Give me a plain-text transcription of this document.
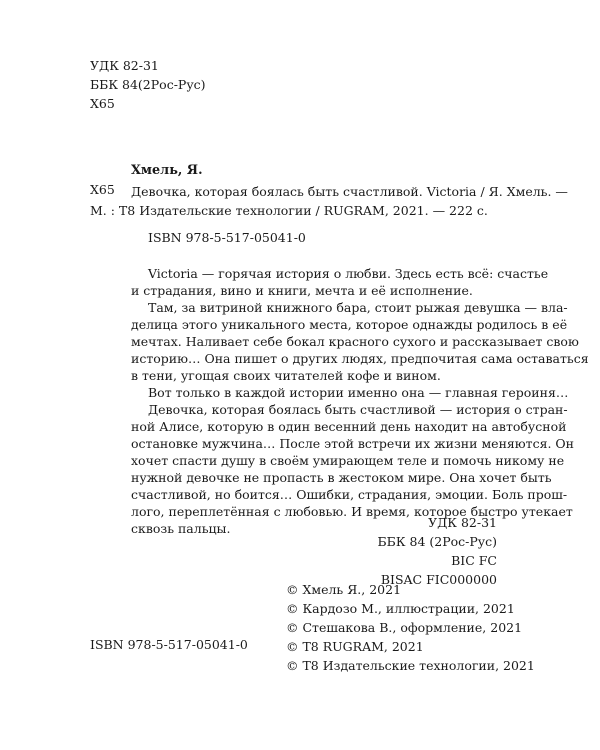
УДК 82-31
ББК 84(2Рос-Рус)
Х65
Хмель, Я.
Х65 Девочка, которая боялась быть счастливой. Victoria / Я. Хмель. —
М. : Т8 Издательские технологии / RUGRAM, 2021. — 222 с.
ISBN 978-5-517-05041-0

Victoria — горячая история о любви. Здесь есть всё: счастье
и страдания, вино и книги, мечта и её исполнение.

Там, за витриной книжного бара, стоит рыжая девушка — вла-
делица этого уникального места, которое однажды родилось в её
мечтах. Наливает себе бокал красного сухого и рассказывает свою
историю… Она пишет о других людях, предпочитая сама оставаться
в тени, угощая своих читателей кофе и вином.

Вот только в каждой истории именно она — главная героиня…

Девочка, которая боялась быть счастливой — история о стран-
ной Алисе, которую в один весенний день находит на автобусной
остановке мужчина… После этой встречи их жизни меняются. Он
хочет спасти душу в своём умирающем теле и помочь никому не
нужной девочке не пропасть в жестоком мире. Она хочет быть
счастливой, но боится… Ошибки, страдания, эмоции. Боль прош-
лого, переплетённая с любовью. И время, которое быстро утекает
сквозь пальцы.	УДК 82-31
ББК 84 (2Рос-Рус)
BIC FC
BISAC FIC000000
© Хмель Я., 2021
© Кардозо М., иллюстрации, 2021
© Стешакова В., оформление, 2021
© Т8 RUGRAM, 2021
© Т8 Издательские технологии, 2021
ISBN 978-5-517-05041-0
